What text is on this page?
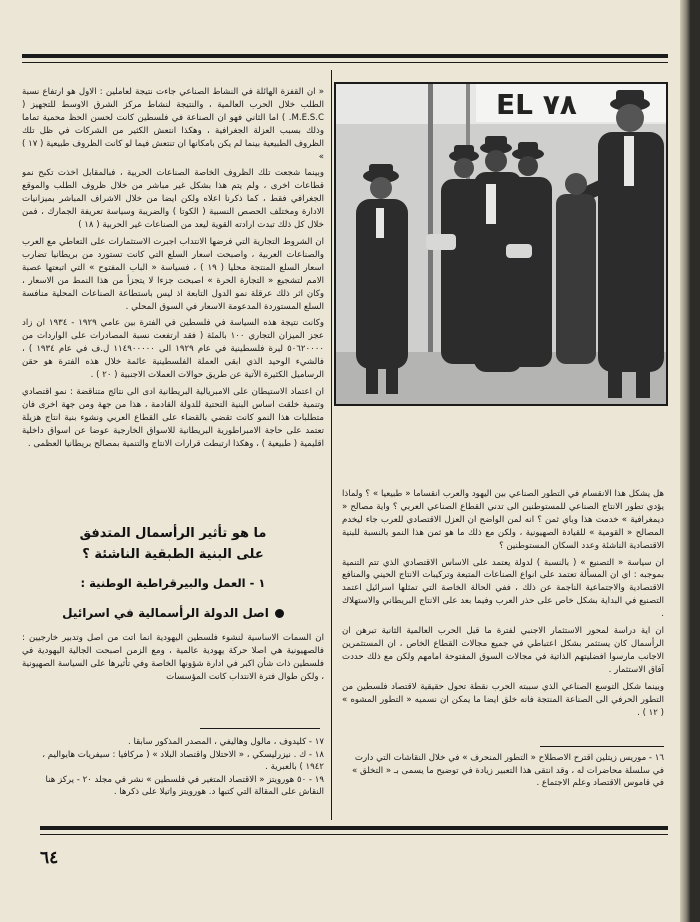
EL ۷۸

« ان القفزة الهائلة في النشاط الصناعي جاءت نتيجة لعاملين : الاول هو ارتفاع نسبة الطلب خلال الحرب العالمية ، والنتيجة لنشاط مركز الشرق الاوسط للتجهيز ( M.E.S.C. ) اما الثاني فهو ان الصناعة في فلسطين كانت لحسن الحظ محمية تماما وذلك بسبب العزلة الجغرافية ، وهكذا انتعش الكثير من الشركات في ظل تلك الظروف الطبيعية بينما لم يكن بامكانها ان تنتعش فيما لو كانت الظروف طبيعية ( ١٧ ) »

وبينما شجعت تلك الظروف الخاصة الصناعات الحربية ، فبالمقابل اخذت تكبح نمو قطاعات اخرى ، ولم يتم هذا بشكل غير مباشر من خلال ظروف الطلب والموقع الجغرافي فقط ، كما ذكرنا اعلاه ولكن ايضا من خلال الاشراف المباشر بميزانيات الادارة ومختلف الحصص النسبية ( الكوتا ) والضريبة وسياسة تعريفة الجمارك ، فمن خلال كل ذلك تبدت ارادته القوية ليعد من الصناعات غير الحربية ( ١٨ )

ان الشروط التجارية التي فرضها الانتداب اجبرت الاستثمارات على التعاطي مع العرب والصناعات العربية ، واصبحت اسعار السلع التي كانت تستورد من بريطانيا تضارب اسعار السلع المنتجة محليا ( ١٩ ) ، فسياسة « الباب المفتوح » التي اتبعتها عصبة الامم لتشجيع « التجارة الحرة » اصبحت جزءا لا يتجزأ من هذا النمط من الاسعار ، وكان اثر ذلك عرقلة نمو الدول التابعة اذ ليس باستطاعة الصناعات المحلية منافسة السلع المستوردة المدعومة الاسعار في السوق المحلي .

وكانت نتيجة هذه السياسة في فلسطين في الفترة بين عامي ١٩٢٩ - ١٩٣٤ ان زاد عجز الميزان التجاري ١٠٠ بالمئة ( فقد ارتفعت نسبة المصادرات على الواردات من ٥٠٦٢٠٠٠٠ ليرة فلسطينية في عام ١٩٢٩ الى ١١٤٩٠٠٠٠٠ ل.ف في عام ١٩٣٤ ) ، فالشيء الوحيد الذي ابقى العملة الفلسطينية عائمة خلال هذه الفترة هو حقن الرساميل الكثيرة الآتية عن طريق حوالات العملات الاجنبية ( ٢٠ ) .

ان اعتماد الاستيطان على الامبريالية البريطانية ادى الى نتائج متناقضة : نمو اقتصادي وتنمية خلقت اساس البنية التحتية للدولة القادمة ، هذا من جهة ومن جهة اخرى فان متطلبات هذا النمو كانت تقضي بالقضاء على القطاع العربي ونشوء بنية انتاج هزيلة تعتمد على حاجة الامبراطورية البريطانية للاسواق الخارجية عوضا عن اسواق داخلية اقليمية ( طبيعية ) ، وهكذا ارتبطت قرارات الانتاج والتنمية بمصالح بريطانيا العظمى .

ما هو تأثير الرأسمال المتدفق
على البنية الطبقية الناشئة ؟
١ - العمل والبيرقراطية الوطنية :
اصل الدولة الرأسمالية في اسرائيل

ان السمات الاساسية لنشوء فلسطين اليهودية انما اتت من اصل وتدبير خارجيين : فالصهيونية هي اصلا حركة يهودية عالمية ، ومع الزمن اصبحت الجالية اليهودية في فلسطين ذات شأن اكبر في ادارة شؤونها الخاصة وفي تأثيرها على السياسة الصهيونية ، ولكن طوال فترة الانتداب كانت المؤسسات

١٧ - كليدوف ، مالول وهاليفي ، المصدر المذكور سابقا .
١٨ - ك . نيزرليسكي ، « الاحتلال واقتصاد البلاد » ( مركافيا : سيفريات هايواليم ، ١٩٤٢ ) بالعبرية .
١٩ - ٥٠ هورويتز « الاقتصاد المتغير في فلسطين » نشر في مجلد ٢٠ - يركز هنا النقاش على المقالة التي كتبها د. هورويتز واتيلا على ذكرها .

هل يشكل هذا الانقسام في التطور الصناعي بين اليهود والعرب انقساما « طبيعيا » ؟ ولماذا يؤدي تطور الانتاج الصناعي للمستوطنين الى تدني القطاع الصناعي العربي ؟ واية مصالح « ديمغرافية » خدمت هذا وباي ثمن ؟ انه لمن الواضح ان العزل الاقتصادي للعرب جاء ليخدم المصالح « القومية » للقيادة الصهيونية ، ولكن مع ذلك ما هو ثمن هذا النمو بالنسبة للبنية الاقتصادية الناشئة وعدد السكان المستوطنين ؟

ان سياسة « التصنيع » ( بالنسبة ) لدولة يعتمد على الاساس الاقتصادي الذي تتم التنمية بموجبه : اي ان المسألة تعتمد على انواع الصناعات المتبعة وتركيبات الانتاج الحيني والمنافع الاقتصادية والاجتماعية الناجمة عن ذلك ، ففي الحالة الخاصة التي تمثلها اسرائيل اعتمد التصنيع في البداية بشكل خاص على حذر العرب وفيما بعد على الانتاج البريطاني والاستهلاك .

ان اية دراسة لمحور الاستثمار الاجنبي لفترة ما قبل الحرب العالمية الثانية تبرهن ان الرأسمال كان يستثمر بشكل اعتباطي في جميع مجالات القطاع الخاص ، ان المستثمرين الاجانب مارسوا افضليتهم الذاتية في مجالات السوق المفتوحة امامهم ولكن مع ذلك حددت آفاق الاستثمار .

وبينما شكل التوسع الصناعي الذي سببته الحرب نقطة تحول حقيقية لاقتصاد فلسطين من التطور الحرفي الى الصناعة المنتجة فانه خلق ايضا ما يمكن ان نسميه « التطور المشوه » ( ١٢ ) .

١٦ - موريس زيتلين اقترح الاصطلاح « التطور المنحرف » في خلال النقاشات التي دارت في سلسلة محاضرات له ، وقد انتقى هذا التعبير زيادة في توضيح ما يسمى بـ « التخلق » في قاموس الاقتصاد وعلم الاجتماع .
٦٤
